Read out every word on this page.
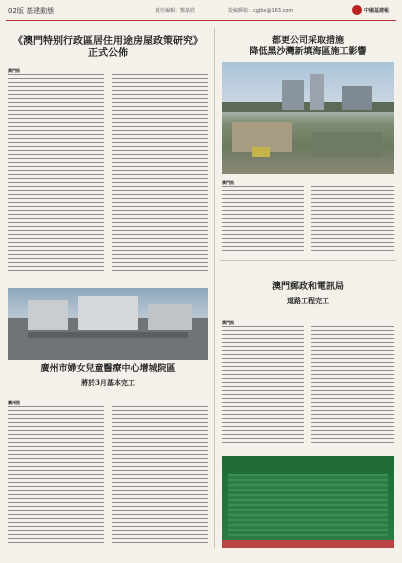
02版 基建動態	責任編輯：鄭嘉欣	投稿郵箱：cgjbx@163.com	中國基建報
《澳門特别行政區居住用途房屋政策研究》
正式公佈
澳門訊
都更公司采取措施
降低黑沙灣新填海區施工影響
澳門訊
澳門郵政和電訊局
道路工程完工
澳門訊
廣州市婦女兒童醫療中心增城院區
將於3月基本完工
廣州訊
